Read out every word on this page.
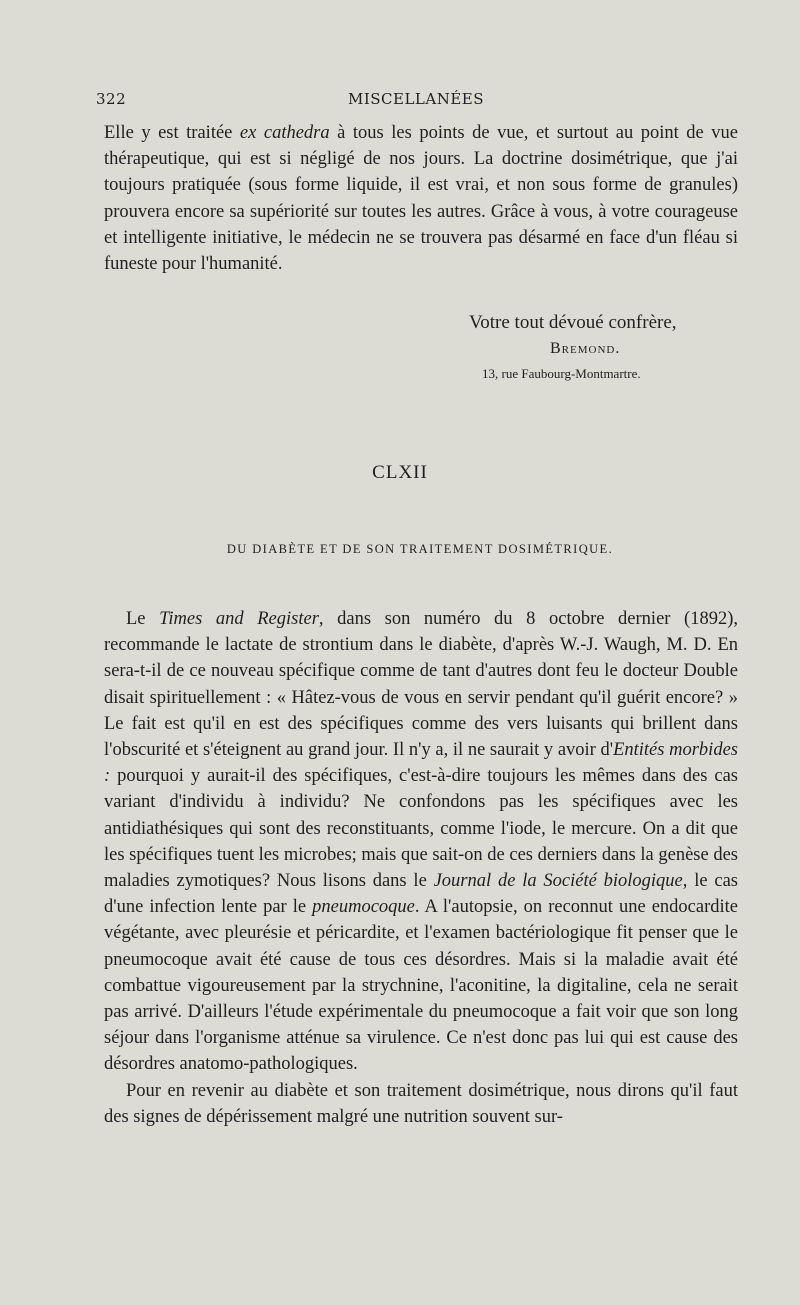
322	MISCELLANÉES

Elle y est traitée ex cathedra à tous les points de vue, et surtout au point de vue thérapeutique, qui est si négligé de nos jours. La doctrine dosimétrique, que j'ai toujours pratiquée (sous forme liquide, il est vrai, et non sous forme de granules) prouvera encore sa supériorité sur toutes les autres. Grâce à vous, à votre courageuse et intelligente initiative, le médecin ne se trouvera pas désarmé en face d'un fléau si funeste pour l'humanité.

Votre tout dévoué confrère,
Bremond.
13, rue Faubourg-Montmartre.
CLXII
DU DIABÈTE ET DE SON TRAITEMENT DOSIMÉTRIQUE.

Le Times and Register, dans son numéro du 8 octobre dernier (1892), recommande le lactate de strontium dans le diabète, d'après W.-J. Waugh, M. D. En sera-t-il de ce nouveau spécifique comme de tant d'autres dont feu le docteur Double disait spirituellement : « Hâtez-vous de vous en servir pendant qu'il guérit encore? » Le fait est qu'il en est des spécifiques comme des vers luisants qui brillent dans l'obscurité et s'éteignent au grand jour. Il n'y a, il ne saurait y avoir d'Entités morbides : pourquoi y aurait-il des spécifiques, c'est-à-dire toujours les mêmes dans des cas variant d'individu à individu? Ne confondons pas les spécifiques avec les antidiathésiques qui sont des reconstituants, comme l'iode, le mercure. On a dit que les spécifiques tuent les microbes; mais que sait-on de ces derniers dans la genèse des maladies zymotiques? Nous lisons dans le Journal de la Société biologique, le cas d'une infection lente par le pneumocoque. A l'autopsie, on reconnut une endocardite végétante, avec pleurésie et péricardite, et l'examen bactériologique fit penser que le pneumocoque avait été cause de tous ces désordres. Mais si la maladie avait été combattue vigoureusement par la strychnine, l'aconitine, la digitaline, cela ne serait pas arrivé. D'ailleurs l'étude expérimentale du pneumocoque a fait voir que son long séjour dans l'organisme atténue sa virulence. Ce n'est donc pas lui qui est cause des désordres anatomo-pathologiques.

Pour en revenir au diabète et son traitement dosimétrique, nous dirons qu'il faut des signes de dépérissement malgré une nutrition souvent sur-
